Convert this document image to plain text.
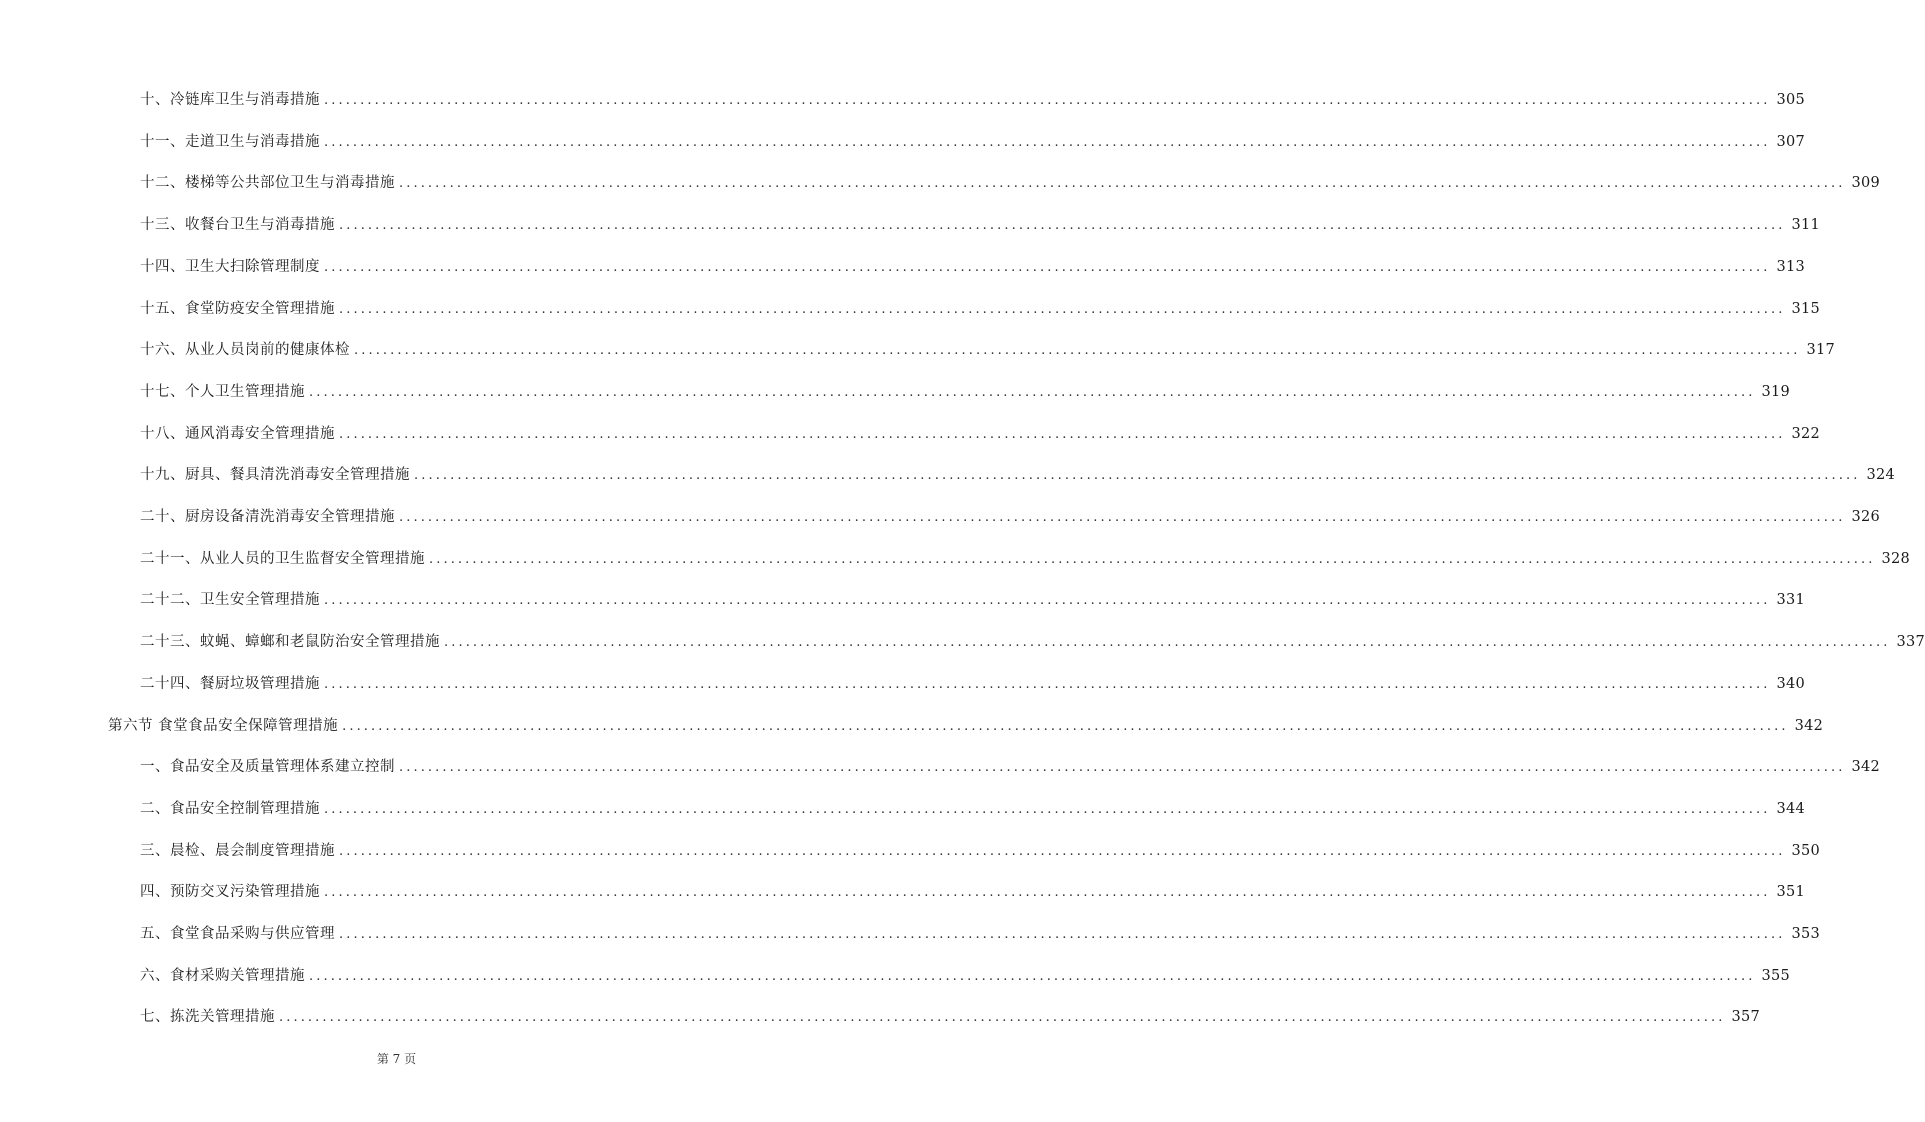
十、冷链库卫生与消毒措施 ........................................................................................................................................................................................................ 305
十一、走道卫生与消毒措施 ........................................................................................................................................................................................................ 307
十二、楼梯等公共部位卫生与消毒措施 ........................................................................................................................................................................................................ 309
十三、收餐台卫生与消毒措施 ........................................................................................................................................................................................................ 311
十四、卫生大扫除管理制度 ........................................................................................................................................................................................................ 313
十五、食堂防疫安全管理措施 ........................................................................................................................................................................................................ 315
十六、从业人员岗前的健康体检 ........................................................................................................................................................................................................ 317
十七、个人卫生管理措施 ........................................................................................................................................................................................................ 319
十八、通风消毒安全管理措施 ........................................................................................................................................................................................................ 322
十九、厨具、餐具清洗消毒安全管理措施 ........................................................................................................................................................................................................ 324
二十、厨房设备清洗消毒安全管理措施 ........................................................................................................................................................................................................ 326
二十一、从业人员的卫生监督安全管理措施 ........................................................................................................................................................................................................ 328
二十二、卫生安全管理措施 ........................................................................................................................................................................................................ 331
二十三、蚊蝇、蟑螂和老鼠防治安全管理措施 ........................................................................................................................................................................................................ 337
二十四、餐厨垃圾管理措施 ........................................................................................................................................................................................................ 340
第六节 食堂食品安全保障管理措施 ........................................................................................................................................................................................................ 342
一、食品安全及质量管理体系建立控制 ........................................................................................................................................................................................................ 342
二、食品安全控制管理措施 ........................................................................................................................................................................................................ 344
三、晨检、晨会制度管理措施 ........................................................................................................................................................................................................ 350
四、预防交叉污染管理措施 ........................................................................................................................................................................................................ 351
五、食堂食品采购与供应管理 ........................................................................................................................................................................................................ 353
六、食材采购关管理措施 ........................................................................................................................................................................................................ 355
七、拣洗关管理措施 ........................................................................................................................................................................................................ 357
第 7 页
